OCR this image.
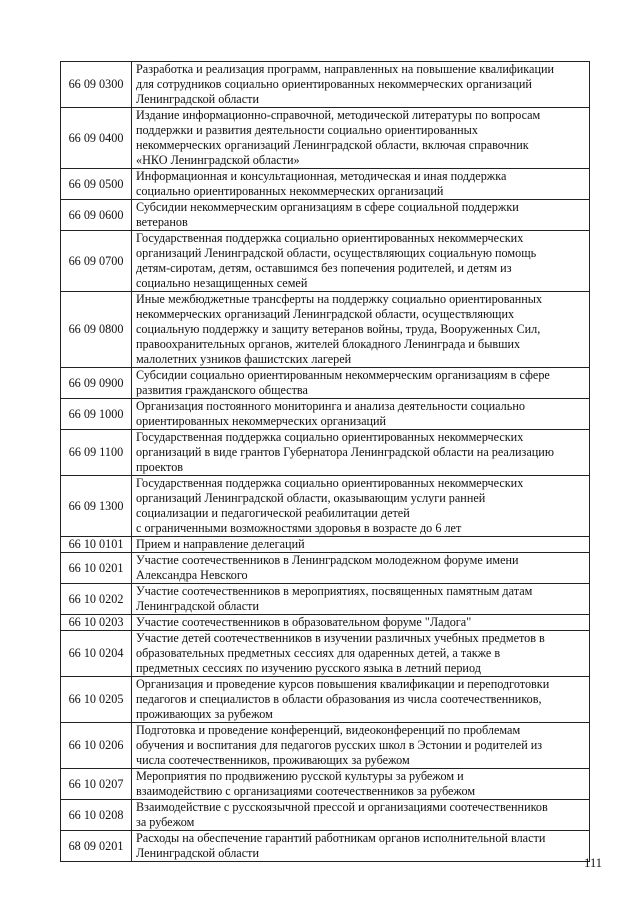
66 09 0300	Разработка и реализация программ, направленных на повышение квалификации
для сотрудников социально ориентированных некоммерческих организаций
Ленинградской области
66 09 0400	Издание информационно-справочной, методической литературы по вопросам
поддержки и развития деятельности социально ориентированных
некоммерческих организаций Ленинградской области, включая справочник
«НКО Ленинградской области»
66 09 0500	Информационная и консультационная, методическая и иная поддержка
социально ориентированных некоммерческих организаций
66 09 0600	Субсидии некоммерческим организациям в сфере социальной поддержки
ветеранов
66 09 0700	Государственная поддержка социально ориентированных некоммерческих
организаций Ленинградской области, осуществляющих социальную помощь
детям-сиротам, детям, оставшимся без попечения родителей, и детям из
социально незащищенных семей
66 09 0800	Иные межбюджетные трансферты на поддержку социально ориентированных
некоммерческих организаций Ленинградской области, осуществляющих
социальную поддержку и защиту ветеранов войны, труда, Вооруженных Сил,
правоохранительных органов, жителей блокадного Ленинграда и бывших
малолетних узников фашистских лагерей
66 09 0900	Субсидии социально ориентированным некоммерческим организациям в сфере
развития гражданского общества
66 09 1000	Организация постоянного мониторинга и анализа деятельности социально
ориентированных некоммерческих организаций
66 09 1100	Государственная поддержка социально ориентированных некоммерческих
организаций в виде грантов Губернатора Ленинградской области на реализацию
проектов
66 09 1300	Государственная поддержка социально ориентированных некоммерческих
организаций Ленинградской области, оказывающим услуги ранней
социализации и педагогической реабилитации детей
с ограниченными возможностями здоровья в возрасте до 6 лет
66 10 0101	Прием и направление делегаций
66 10 0201	Участие соотечественников в Ленинградском молодежном форуме имени
Александра Невского
66 10 0202	Участие соотечественников в мероприятиях, посвященных памятным датам
Ленинградской области
66 10 0203	Участие соотечественников в образовательном форуме "Ладога"
66 10 0204	Участие детей соотечественников в изучении различных учебных предметов в
образовательных предметных сессиях для одаренных детей, а также в
предметных сессиях по изучению русского языка в летний период
66 10 0205	Организация и проведение курсов повышения квалификации и переподготовки
педагогов и специалистов в области образования из числа соотечественников,
проживающих за рубежом
66 10 0206	Подготовка и проведение конференций, видеоконференций по проблемам
обучения и воспитания для педагогов русских школ в Эстонии и родителей из
числа соотечественников, проживающих за рубежом
66 10 0207	Мероприятия по продвижению русской культуры за рубежом и
взаимодействию с организациями соотечественников за рубежом
66 10 0208	Взаимодействие с русскоязычной прессой и организациями соотечественников
за рубежом
68 09 0201	Расходы на обеспечение гарантий работникам органов исполнительной власти
Ленинградской области
111
